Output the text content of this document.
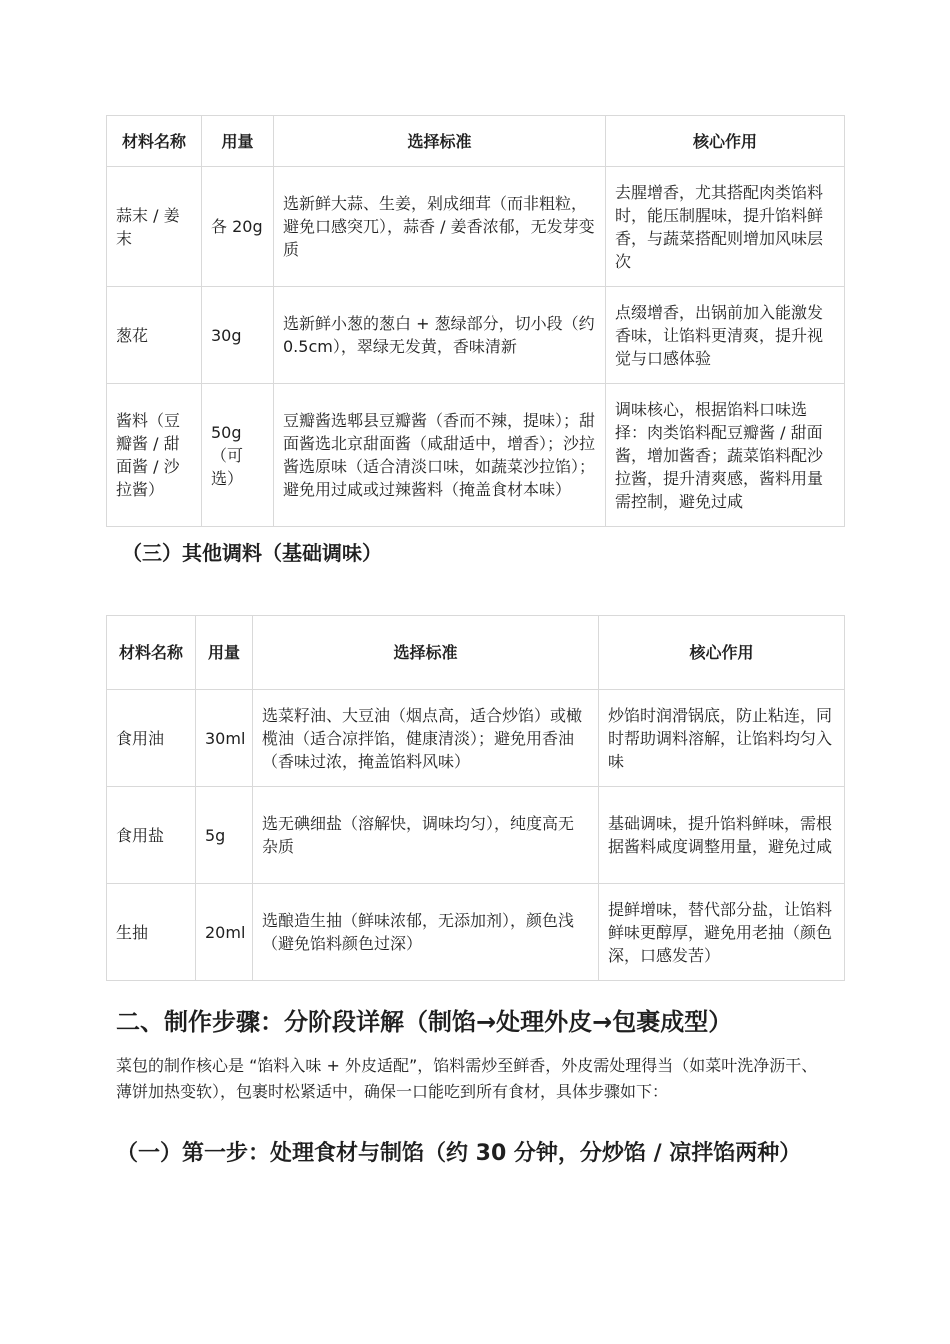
材料名称	用量	选择标准	核心作用
蒜末 / 姜末	各 20g	选新鲜大蒜、生姜，剁成细茸（而非粗粒，避免口感突兀），蒜香 / 姜香浓郁，无发芽变质	去腥增香，尤其搭配肉类馅料时，能压制腥味，提升馅料鲜香，与蔬菜搭配则增加风味层次
葱花	30g	选新鲜小葱的葱白 + 葱绿部分，切小段（约 0.5cm），翠绿无发黄，香味清新	点缀增香，出锅前加入能激发香味，让馅料更清爽，提升视觉与口感体验
酱料（豆瓣酱 / 甜面酱 / 沙拉酱）	50g（可选）	豆瓣酱选郫县豆瓣酱（香而不辣，提味）；甜面酱选北京甜面酱（咸甜适中，增香）；沙拉酱选原味（适合清淡口味，如蔬菜沙拉馅）；避免用过咸或过辣酱料（掩盖食材本味）	调味核心，根据馅料口味选择：肉类馅料配豆瓣酱 / 甜面酱，增加酱香；蔬菜馅料配沙拉酱，提升清爽感，酱料用量需控制，避免过咸
（三）其他调料（基础调味）
材料名称	用量	选择标准	核心作用
食用油	30ml	选菜籽油、大豆油（烟点高，适合炒馅）或橄榄油（适合凉拌馅，健康清淡）；避免用香油（香味过浓，掩盖馅料风味）	炒馅时润滑锅底，防止粘连，同时帮助调料溶解，让馅料均匀入味
食用盐	5g	选无碘细盐（溶解快，调味均匀），纯度高无杂质	基础调味，提升馅料鲜味，需根据酱料咸度调整用量，避免过咸
生抽	20ml	选酿造生抽（鲜味浓郁，无添加剂），颜色浅（避免馅料颜色过深）	提鲜增味，替代部分盐，让馅料鲜味更醇厚，避免用老抽（颜色深，口感发苦）
二、制作步骤：分阶段详解（制馅→处理外皮→包裹成型）

菜包的制作核心是 “馅料入味 + 外皮适配”，馅料需炒至鲜香，外皮需处理得当（如菜叶洗净沥干、薄饼加热变软），包裹时松紧适中，确保一口能吃到所有食材，具体步骤如下：

（一）第一步：处理食材与制馅（约 30 分钟，分炒馅 / 凉拌馅两种）
